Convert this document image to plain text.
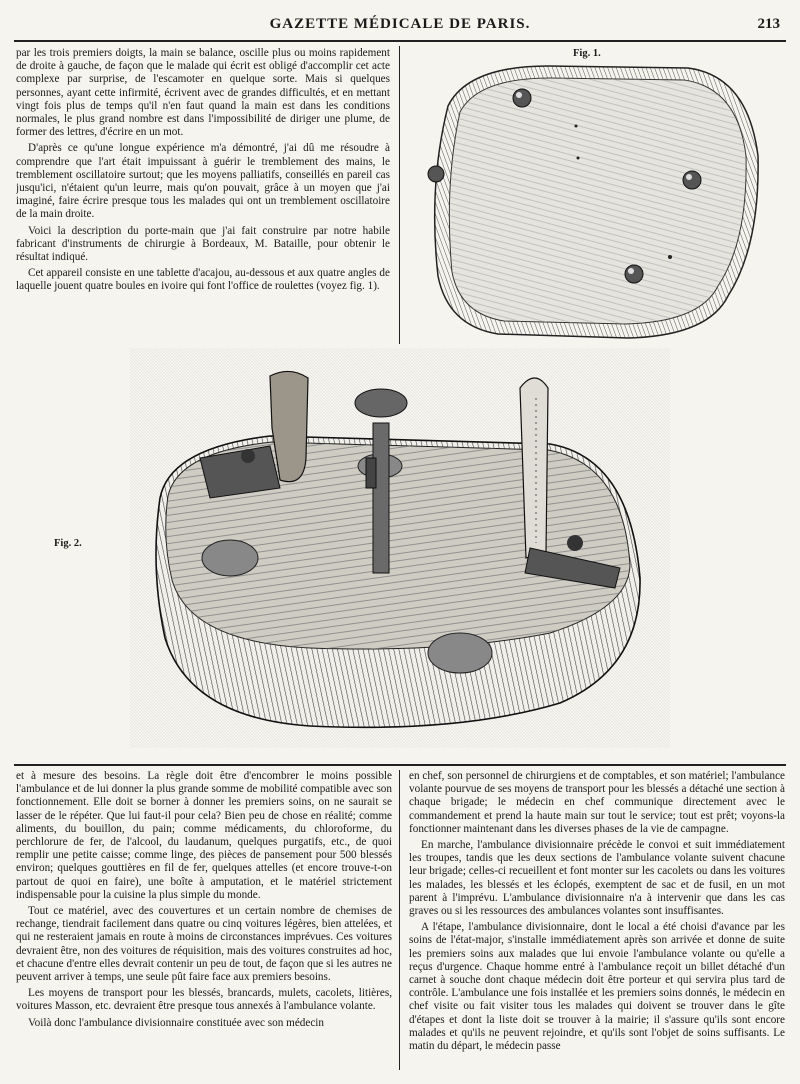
GAZETTE MÉDICALE DE PARIS.	213

par les trois premiers doigts, la main se balance, oscille plus ou moins rapidement de droite à gauche, de façon que le malade qui écrit est obligé d'accomplir cet acte complexe par surprise, de l'escamoter en quelque sorte. Mais si quelques personnes, ayant cette infirmité, écrivent avec de grandes difficultés, et en mettant vingt fois plus de temps qu'il n'en faut quand la main est dans les conditions normales, le plus grand nombre est dans l'impossibilité de diriger une plume, de former des lettres, d'écrire en un mot.

D'après ce qu'une longue expérience m'a démontré, j'ai dû me résoudre à comprendre que l'art était impuissant à guérir le tremblement des mains, le tremblement oscillatoire surtout; que les moyens palliatifs, conseillés en pareil cas jusqu'ici, n'étaient qu'un leurre, mais qu'on pouvait, grâce à un moyen que j'ai imaginé, faire écrire presque tous les malades qui ont un tremblement oscillatoire de la main droite.

Voici la description du porte-main que j'ai fait construire par notre habile fabricant d'instruments de chirurgie à Bordeaux, M. Bataille, pour obtenir le résultat indiqué.

Cet appareil consiste en une tablette d'acajou, au-dessous et aux quatre angles de laquelle jouent quatre boules en ivoire qui font l'office de roulettes (voyez fig. 1).

Fig. 1.
Fig. 2.

et à mesure des besoins. La règle doit être d'encombrer le moins possible l'ambulance et de lui donner la plus grande somme de mobilité compatible avec son fonctionnement. Elle doit se borner à donner les premiers soins, on ne saurait se lasser de le répéter. Que lui faut-il pour cela? Bien peu de chose en réalité; comme aliments, du bouillon, du pain; comme médicaments, du chloroforme, du perchlorure de fer, de l'alcool, du laudanum, quelques purgatifs, etc., de quoi remplir une petite caisse; comme linge, des pièces de pansement pour 500 blessés environ; quelques gouttières en fil de fer, quelques attelles (et encore trouve-t-on partout de quoi en faire), une boîte à amputation, et le matériel strictement indispensable pour la cuisine la plus simple du monde.

Tout ce matériel, avec des couvertures et un certain nombre de chemises de rechange, tiendrait facilement dans quatre ou cinq voitures légères, bien attelées, et qui ne resteraient jamais en route à moins de circonstances imprévues. Ces voitures devraient être, non des voitures de réquisition, mais des voitures construites ad hoc, et chacune d'entre elles devrait contenir un peu de tout, de façon que si les autres ne peuvent arriver à temps, une seule pût faire face aux premiers besoins.

Les moyens de transport pour les blessés, brancards, mulets, cacolets, litières, voitures Masson, etc. devraient être presque tous annexés à l'ambulance volante.

Voilà donc l'ambulance divisionnaire constituée avec son médecin

en chef, son personnel de chirurgiens et de comptables, et son matériel; l'ambulance volante pourvue de ses moyens de transport pour les blessés a détaché une section à chaque brigade; le médecin en chef communique directement avec le commandement et prend la haute main sur tout le service; tout est prêt; voyons-la fonctionner maintenant dans les diverses phases de la vie de campagne.

En marche, l'ambulance divisionnaire précède le convoi et suit immédiatement les troupes, tandis que les deux sections de l'ambulance volante suivent chacune leur brigade; celles-ci recueillent et font monter sur les cacolets ou dans les voitures les malades, les blessés et les éclopés, exemptent de sac et de fusil, en un mot parent à l'imprévu. L'ambulance divisionnaire n'a à intervenir que dans les cas graves ou si les ressources des ambulances volantes sont insuffisantes.

A l'étape, l'ambulance divisionnaire, dont le local a été choisi d'avance par les soins de l'état-major, s'installe immédiatement après son arrivée et donne de suite les premiers soins aux malades que lui envoie l'ambulance volante ou qu'elle a reçus d'urgence. Chaque homme entré à l'ambulance reçoit un billet détaché d'un carnet à souche dont chaque médecin doit être porteur et qui servira plus tard de contrôle. L'ambulance une fois installée et les premiers soins donnés, le médecin en chef visite ou fait visiter tous les malades qui doivent se trouver dans le gîte d'étapes et dont la liste doit se trouver à la mairie; il s'assure qu'ils sont encore malades et qu'ils ne peuvent rejoindre, et qu'ils sont l'objet de soins suffisants. Le matin du départ, le médecin passe
